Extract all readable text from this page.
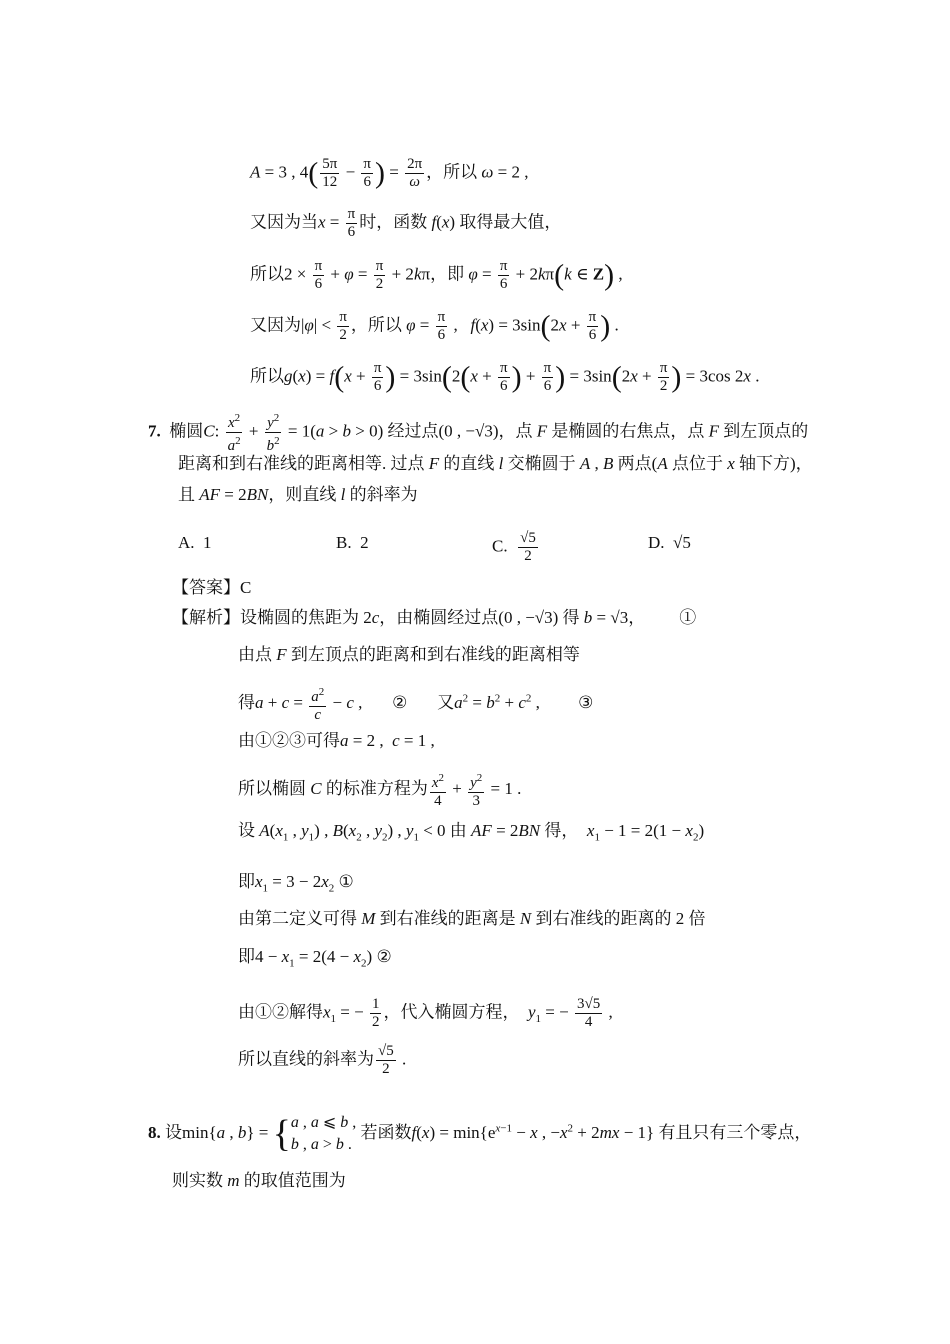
A = 3 , $4( \frac{5\pi}{12} - \frac{\pi}{6}$ ) = $\frac{2\pi}{\omega}$ ，所以 ω = 2 ,
又因为当$x = \frac{\pi}{6}$ 时，函数 f(x) 取得最大值，
所以$2 \times \frac{\pi}{6} + \varphi = \frac{\pi}{2} + 2k\pi$，即 $\varphi = \frac{\pi}{6} + 2k\pi(k$ ∈ Z) ,
又因为$|\varphi| < \frac{\pi}{2}$ ，所以 $\varphi = \frac{\pi}{6}$ ,   $f(x) = 3\sin(2x + \frac{\pi}{6}$ ) .
所以$g(x) = f(x + \frac{\pi}{6}$ ) = $3\sin(2(x + \frac{\pi}{6}$ ) + $\frac{\pi}{6}$ ) = $3\sin(2x + \frac{\pi}{2}$ ) = 3cos 2x .
7. 椭圆C: $\frac{x^2}{a^2} + \frac{y^2}{b^2} = 1(a > b > 0)$ 经过点(0 , −√3)，点 F 是椭圆的右焦点，点 F 到左顶点的
距离和到右准线的距离相等. 过点 F 的直线 l 交椭圆于 A , B 两点(A 点位于 x 轴下方)，
且 AF = 2BN，则直线 l 的斜率为
A. 1	B. 2	C. $\frac{√5}{2}$	D.  √5
【答案】C
【解析】设椭圆的焦距为 2c，由椭圆经过点(0 , −√3) 得 b = √3， ①
由点 F 到左顶点的距离和到右准线的距离相等
得$a + c = \frac{a^2}{c} - c$ ,       ② 又$a^2 = b^2 + c^2$ ,         ③
由①②③可得a = 2 ,  c = 1 ,
所以椭圆 C 的标准方程为 $\frac{x^2}{4} + \frac{y^2}{3} = 1$ .
设 $A(x_1$ , $y_1$) , $B(x_2$ , $y_2$) , $y_1 < 0$ 由 AF = 2BN 得， $x_1 - 1 = 2(1 - x_2)$
即$x_1 = 3 - 2x_2$ ①
由第二定义可得 M 到右准线的距离是 N 到右准线的距离的 2 倍
即$4 - x_1 = 2(4 - x_2)$ ②
由①②解得$x_1$ = − $\frac{1}{2}$ ，代入椭圆方程， $y_1$ = − $\frac{3√5}{4}$ ,
所以直线的斜率为 $\frac{√5}{2}$ .
8. 设min{a , b} = { a , a ⩽ b ,
b , a > b .
若函数$f(x) = \min\{e^{x-1} - x$ , $-x^2 + 2mx - 1$} 有且只有三个零点，
则实数 m 的取值范围为
